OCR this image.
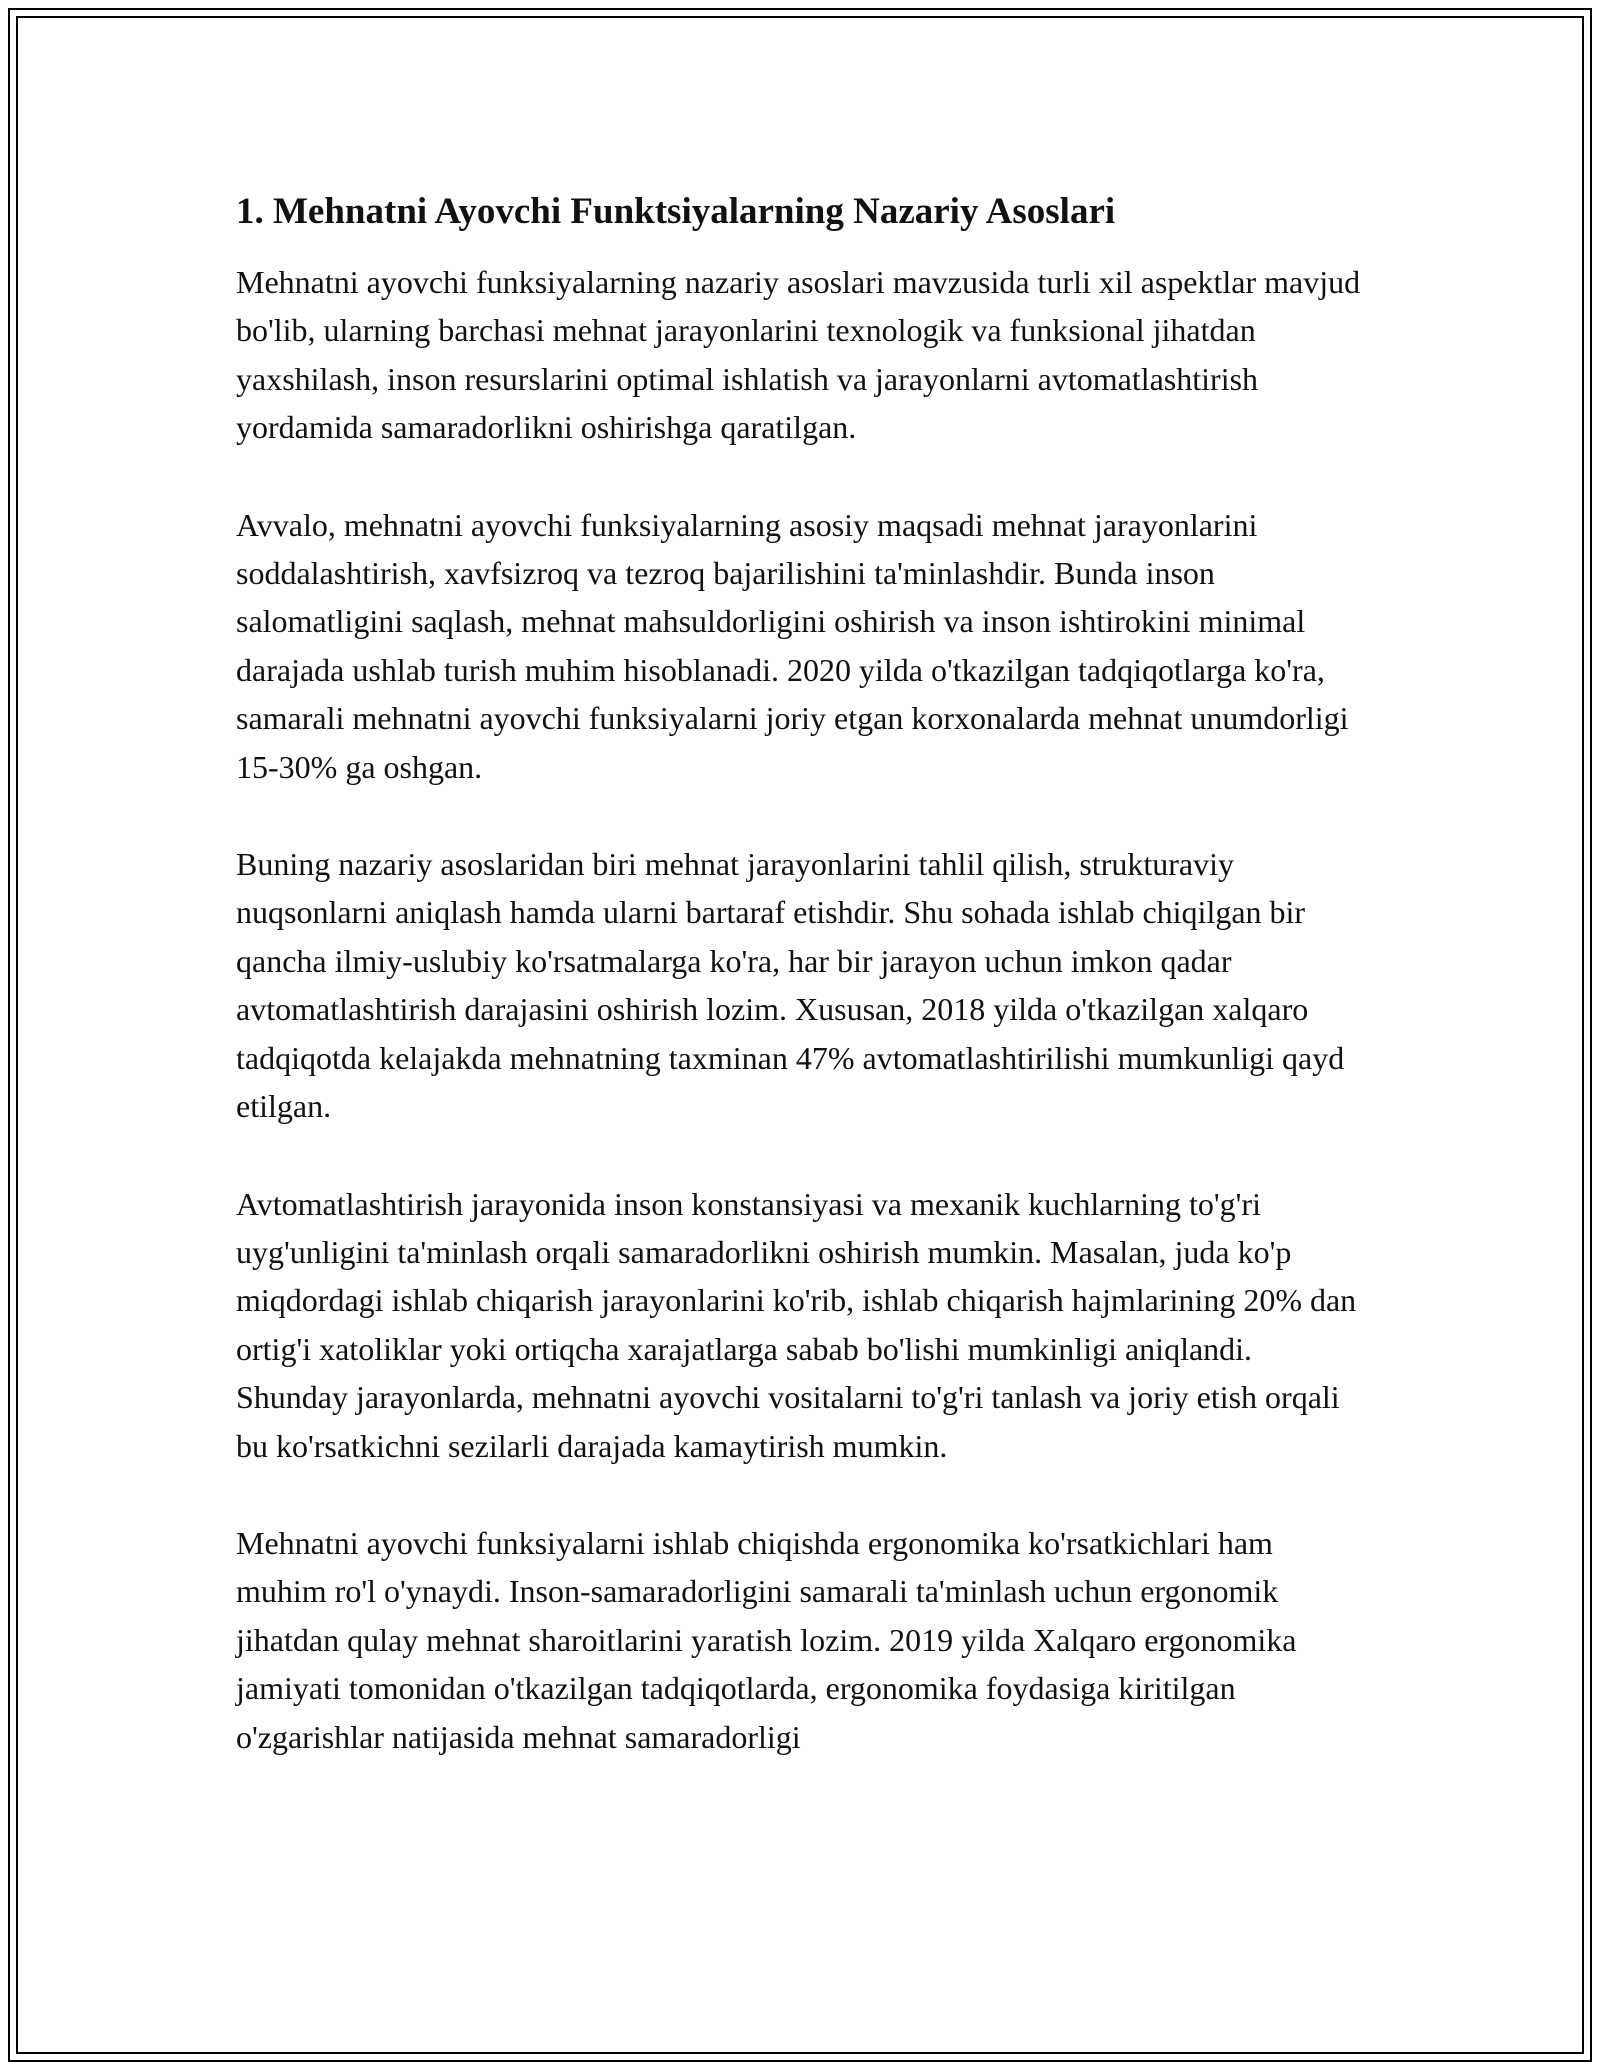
1. Mehnatni Ayovchi Funktsiyalarning Nazariy Asoslari

Mehnatni ayovchi funksiyalarning nazariy asoslari mavzusida turli xil aspektlar mavjud bo'lib, ularning barchasi mehnat jarayonlarini texnologik va funksional jihatdan yaxshilash, inson resurslarini optimal ishlatish va jarayonlarni avtomatlashtirish yordamida samaradorlikni oshirishga qaratilgan.

Avvalo, mehnatni ayovchi funksiyalarning asosiy maqsadi mehnat jarayonlarini soddalashtirish, xavfsizroq va tezroq bajarilishini ta'minlashdir. Bunda inson salomatligini saqlash, mehnat mahsuldorligini oshirish va inson ishtirokini minimal darajada ushlab turish muhim hisoblanadi. 2020 yilda o'tkazilgan tadqiqotlarga ko'ra, samarali mehnatni ayovchi funksiyalarni joriy etgan korxonalarda mehnat unumdorligi 15-30% ga oshgan.

Buning nazariy asoslaridan biri mehnat jarayonlarini tahlil qilish, strukturaviy nuqsonlarni aniqlash hamda ularni bartaraf etishdir. Shu sohada ishlab chiqilgan bir qancha ilmiy-uslubiy ko'rsatmalarga ko'ra, har bir jarayon uchun imkon qadar avtomatlashtirish darajasini oshirish lozim. Xususan, 2018 yilda o'tkazilgan xalqaro tadqiqotda kelajakda mehnatning taxminan 47% avtomatlashtirilishi mumkunligi qayd etilgan.

Avtomatlashtirish jarayonida inson konstansiyasi va mexanik kuchlarning to'g'ri uyg'unligini ta'minlash orqali samaradorlikni oshirish mumkin. Masalan, juda ko'p miqdordagi ishlab chiqarish jarayonlarini ko'rib, ishlab chiqarish hajmlarining 20% dan ortig'i xatoliklar yoki ortiqcha xarajatlarga sabab bo'lishi mumkinligi aniqlandi. Shunday jarayonlarda, mehnatni ayovchi vositalarni to'g'ri tanlash va joriy etish orqali bu ko'rsatkichni sezilarli darajada kamaytirish mumkin.

Mehnatni ayovchi funksiyalarni ishlab chiqishda ergonomika ko'rsatkichlari ham muhim ro'l o'ynaydi. Inson-samaradorligini samarali ta'minlash uchun ergonomik jihatdan qulay mehnat sharoitlarini yaratish lozim. 2019 yilda Xalqaro ergonomika jamiyati tomonidan o'tkazilgan tadqiqotlarda, ergonomika foydasiga kiritilgan o'zgarishlar natijasida mehnat samaradorligi
